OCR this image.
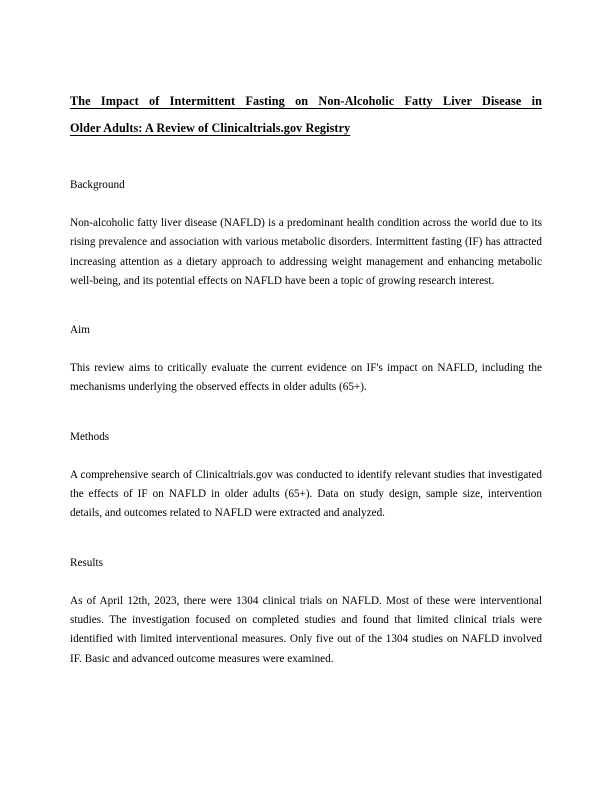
The Impact of Intermittent Fasting on Non-Alcoholic Fatty Liver Disease in
Older Adults: A Review of Clinicaltrials.gov Registry
Background

Non-alcoholic fatty liver disease (NAFLD) is a predominant health condition across the world due to its rising prevalence and association with various metabolic disorders. Intermittent fasting (IF) has attracted increasing attention as a dietary approach to addressing weight management and enhancing metabolic well-being, and its potential effects on NAFLD have been a topic of growing research interest.

Aim

This review aims to critically evaluate the current evidence on IF's impact on NAFLD, including the mechanisms underlying the observed effects in older adults (65+).

Methods

A comprehensive search of Clinicaltrials.gov was conducted to identify relevant studies that investigated the effects of IF on NAFLD in older adults (65+). Data on study design, sample size, intervention details, and outcomes related to NAFLD were extracted and analyzed.

Results

As of April 12th, 2023, there were 1304 clinical trials on NAFLD. Most of these were interventional studies. The investigation focused on completed studies and found that limited clinical trials were identified with limited interventional measures. Only five out of the 1304 studies on NAFLD involved IF. Basic and advanced outcome measures were examined.
